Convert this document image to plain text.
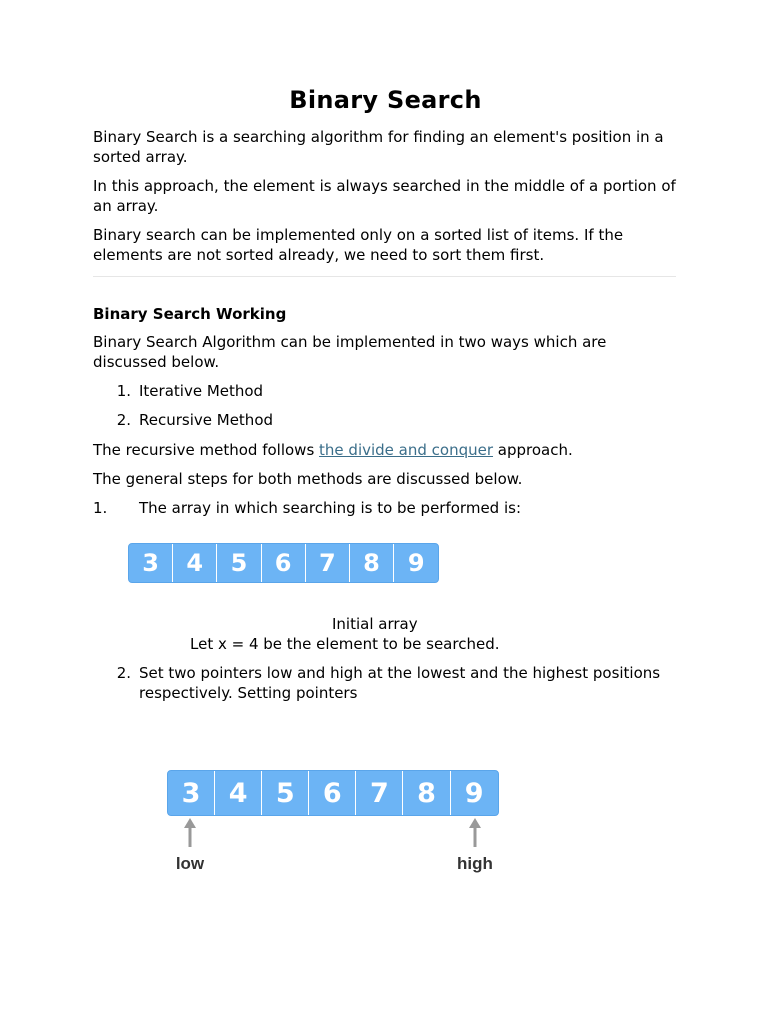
Binary Search

Binary Search is a searching algorithm for finding an element's position in a sorted array.

In this approach, the element is always searched in the middle of a portion of an array.

Binary search can be implemented only on a sorted list of items. If the elements are not sorted already, we need to sort them first.

Binary Search Working

Binary Search Algorithm can be implemented in two ways which are discussed below.

1. Iterative Method
2. Recursive Method

The recursive method follows the divide and conquer approach.

The general steps for both methods are discussed below.

1. The array in which searching is to be performed is:
Initial array
Let x = 4 be the element to be searched.
2. Set two pointers low and high at the lowest and the highest positions respectively. Setting pointers

3	4	5	6	7	8	9
3	4	5	6	7	8	9
low	high
